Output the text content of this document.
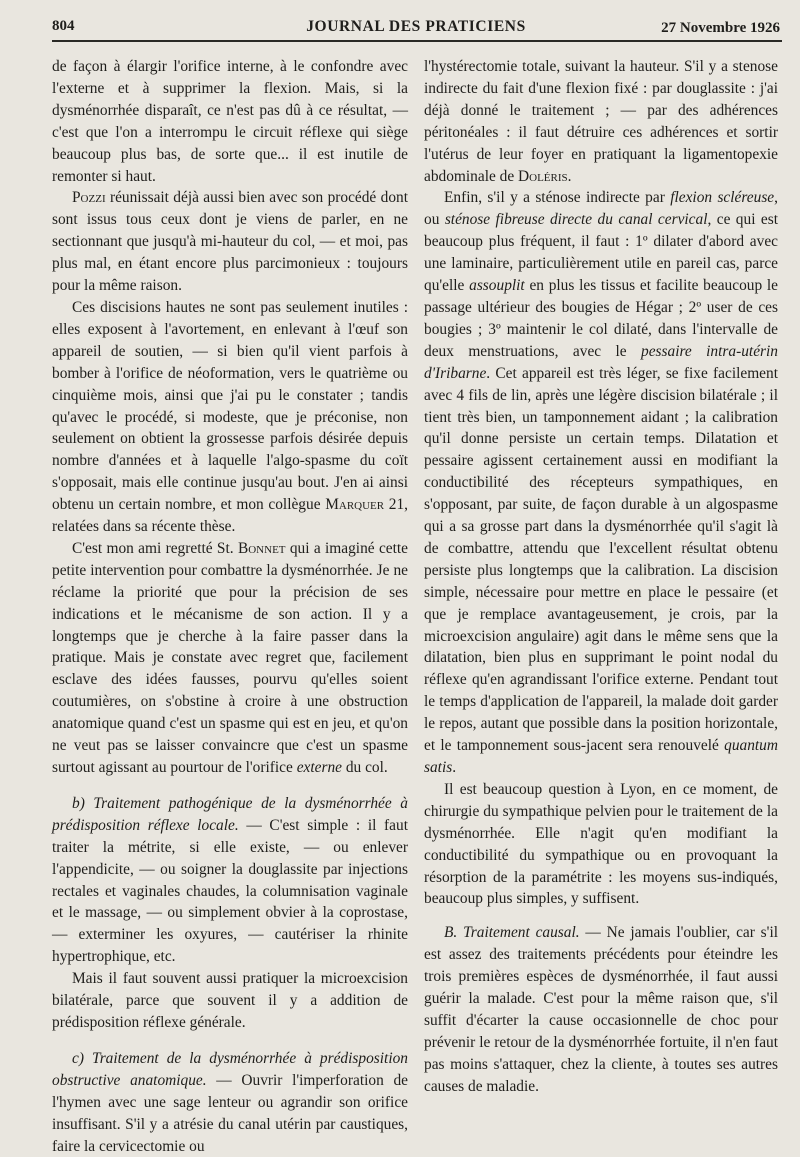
804	JOURNAL DES PRATICIENS	27 Novembre 1926

de façon à élargir l'orifice interne, à le confondre avec l'externe et à supprimer la flexion. Mais, si la dysménorrhée disparaît, ce n'est pas dû à ce résultat, — c'est que l'on a interrompu le circuit réflexe qui siège beaucoup plus bas, de sorte que... il est inutile de remonter si haut.

Pozzi réunissait déjà aussi bien avec son procédé dont sont issus tous ceux dont je viens de parler, en ne sectionnant que jusqu'à mi-hauteur du col, — et moi, pas plus mal, en étant encore plus parcimonieux : toujours pour la même raison.

Ces discisions hautes ne sont pas seulement inutiles : elles exposent à l'avortement, en enlevant à l'œuf son appareil de soutien, — si bien qu'il vient parfois à bomber à l'orifice de néoformation, vers le quatrième ou cinquième mois, ainsi que j'ai pu le constater ; tandis qu'avec le procédé, si modeste, que je préconise, non seulement on obtient la grossesse parfois désirée depuis nombre d'années et à laquelle l'algo-spasme du coït s'opposait, mais elle continue jusqu'au bout. J'en ai ainsi obtenu un certain nombre, et mon collègue Marquer 21, relatées dans sa récente thèse.

C'est mon ami regretté St. Bonnet qui a imaginé cette petite intervention pour combattre la dysménorrhée. Je ne réclame la priorité que pour la précision de ses indications et le mécanisme de son action. Il y a longtemps que je cherche à la faire passer dans la pratique. Mais je constate avec regret que, facilement esclave des idées fausses, pourvu qu'elles soient coutumières, on s'obstine à croire à une obstruction anatomique quand c'est un spasme qui est en jeu, et qu'on ne veut pas se laisser convaincre que c'est un spasme surtout agissant au pourtour de l'orifice externe du col.

b) Traitement pathogénique de la dysménorrhée à prédisposition réflexe locale. — C'est simple : il faut traiter la métrite, si elle existe, — ou enlever l'appendicite, — ou soigner la douglassite par injections rectales et vaginales chaudes, la columnisation vaginale et le massage, — ou simplement obvier à la coprostase, — exterminer les oxyures, — cautériser la rhinite hypertrophique, etc.

Mais il faut souvent aussi pratiquer la microexcision bilatérale, parce que souvent il y a addition de prédisposition réflexe générale.

c) Traitement de la dysménorrhée à prédisposition obstructive anatomique. — Ouvrir l'imperforation de l'hymen avec une sage lenteur ou agrandir son orifice insuffisant. S'il y a atrésie du canal utérin par caustiques, faire la cervicectomie ou

l'hystérectomie totale, suivant la hauteur. S'il y a stenose indirecte du fait d'une flexion fixé : par douglassite : j'ai déjà donné le traitement ; — par des adhérences péritonéales : il faut détruire ces adhérences et sortir l'utérus de leur foyer en pratiquant la ligamentopexie abdominale de Doléris.

Enfin, s'il y a sténose indirecte par flexion scléreuse, ou sténose fibreuse directe du canal cervical, ce qui est beaucoup plus fréquent, il faut : 1º dilater d'abord avec une laminaire, particulièrement utile en pareil cas, parce qu'elle assouplit en plus les tissus et facilite beaucoup le passage ultérieur des bougies de Hégar ; 2º user de ces bougies ; 3º maintenir le col dilaté, dans l'intervalle de deux menstruations, avec le pessaire intra-utérin d'Iribarne. Cet appareil est très léger, se fixe facilement avec 4 fils de lin, après une légère discision bilatérale ; il tient très bien, un tamponnement aidant ; la calibration qu'il donne persiste un certain temps. Dilatation et pessaire agissent certainement aussi en modifiant la conductibilité des récepteurs sympathiques, en s'opposant, par suite, de façon durable à un algospasme qui a sa grosse part dans la dysménorrhée qu'il s'agit là de combattre, attendu que l'excellent résultat obtenu persiste plus longtemps que la calibration. La discision simple, nécessaire pour mettre en place le pessaire (et que je remplace avantageusement, je crois, par la microexcision angulaire) agit dans le même sens que la dilatation, bien plus en supprimant le point nodal du réflexe qu'en agrandissant l'orifice externe. Pendant tout le temps d'application de l'appareil, la malade doit garder le repos, autant que possible dans la position horizontale, et le tamponnement sous-jacent sera renouvelé quantum satis.

Il est beaucoup question à Lyon, en ce moment, de chirurgie du sympathique pelvien pour le traitement de la dysménorrhée. Elle n'agit qu'en modifiant la conductibilité du sympathique ou en provoquant la résorption de la paramétrite : les moyens sus-indiqués, beaucoup plus simples, y suffisent.

B. Traitement causal. — Ne jamais l'oublier, car s'il est assez des traitements précédents pour éteindre les trois premières espèces de dysménorrhée, il faut aussi guérir la malade. C'est pour la même raison que, s'il suffit d'écarter la cause occasionnelle de choc pour prévenir le retour de la dysménorrhée fortuite, il n'en faut pas moins s'attaquer, chez la cliente, à toutes ses autres causes de maladie.
